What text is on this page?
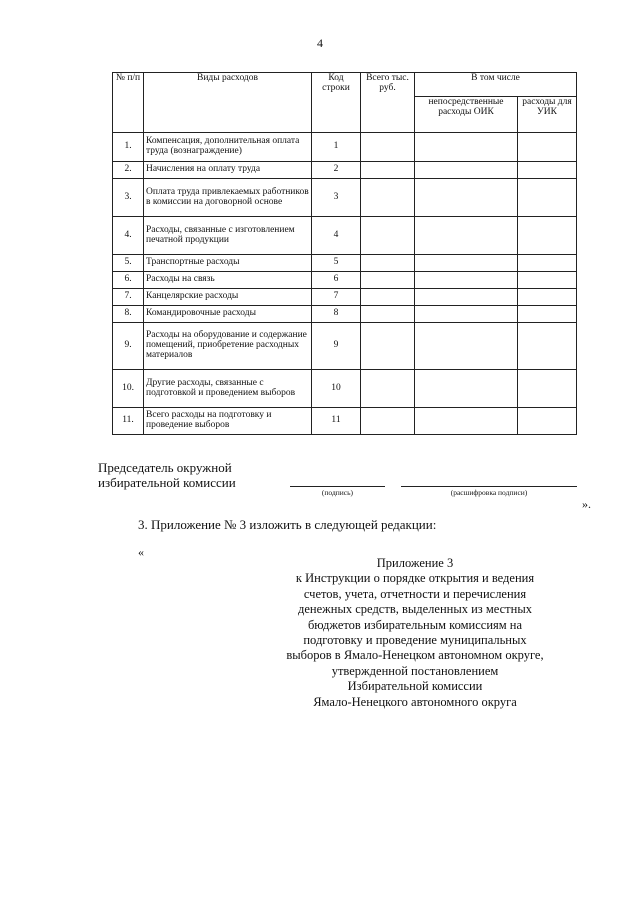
4
№ п/п	Виды расходов	Код строки	Всего тыс. руб.	В том числе	
				непосредственные расходы ОИК	расходы для УИК
1.	Компенсация, дополнительная оплата труда (вознаграждение)	1			
2.	Начисления на оплату труда	2			
3.	Оплата труда привлекаемых работников в комиссии на договорной основе	3			
4.	Расходы, связанные с изготовлением печатной продукции	4			
5.	Транспортные расходы	5			
6.	Расходы на связь	6			
7.	Канцелярские расходы	7			
8.	Командировочные расходы	8			
9.	Расходы на оборудование и содержание помещений, приобретение расходных материалов	9			
10.	Другие расходы, связанные с подготовкой и проведением выборов	10			
11.	Всего расходы на подготовку и проведение выборов	11			
Председатель окружной
избирательной комиссии
(подпись)	(расшифровка подписи)
».
3. Приложение № 3 изложить в следующей редакции:
«
Приложение 3
к Инструкции о порядке открытия и ведения
счетов, учета, отчетности и перечисления
денежных средств, выделенных из местных
бюджетов избирательным комиссиям на
подготовку и проведение муниципальных
выборов в Ямало-Ненецком автономном округе,
утвержденной постановлением
Избирательной комиссии
Ямало-Ненецкого автономного округа
